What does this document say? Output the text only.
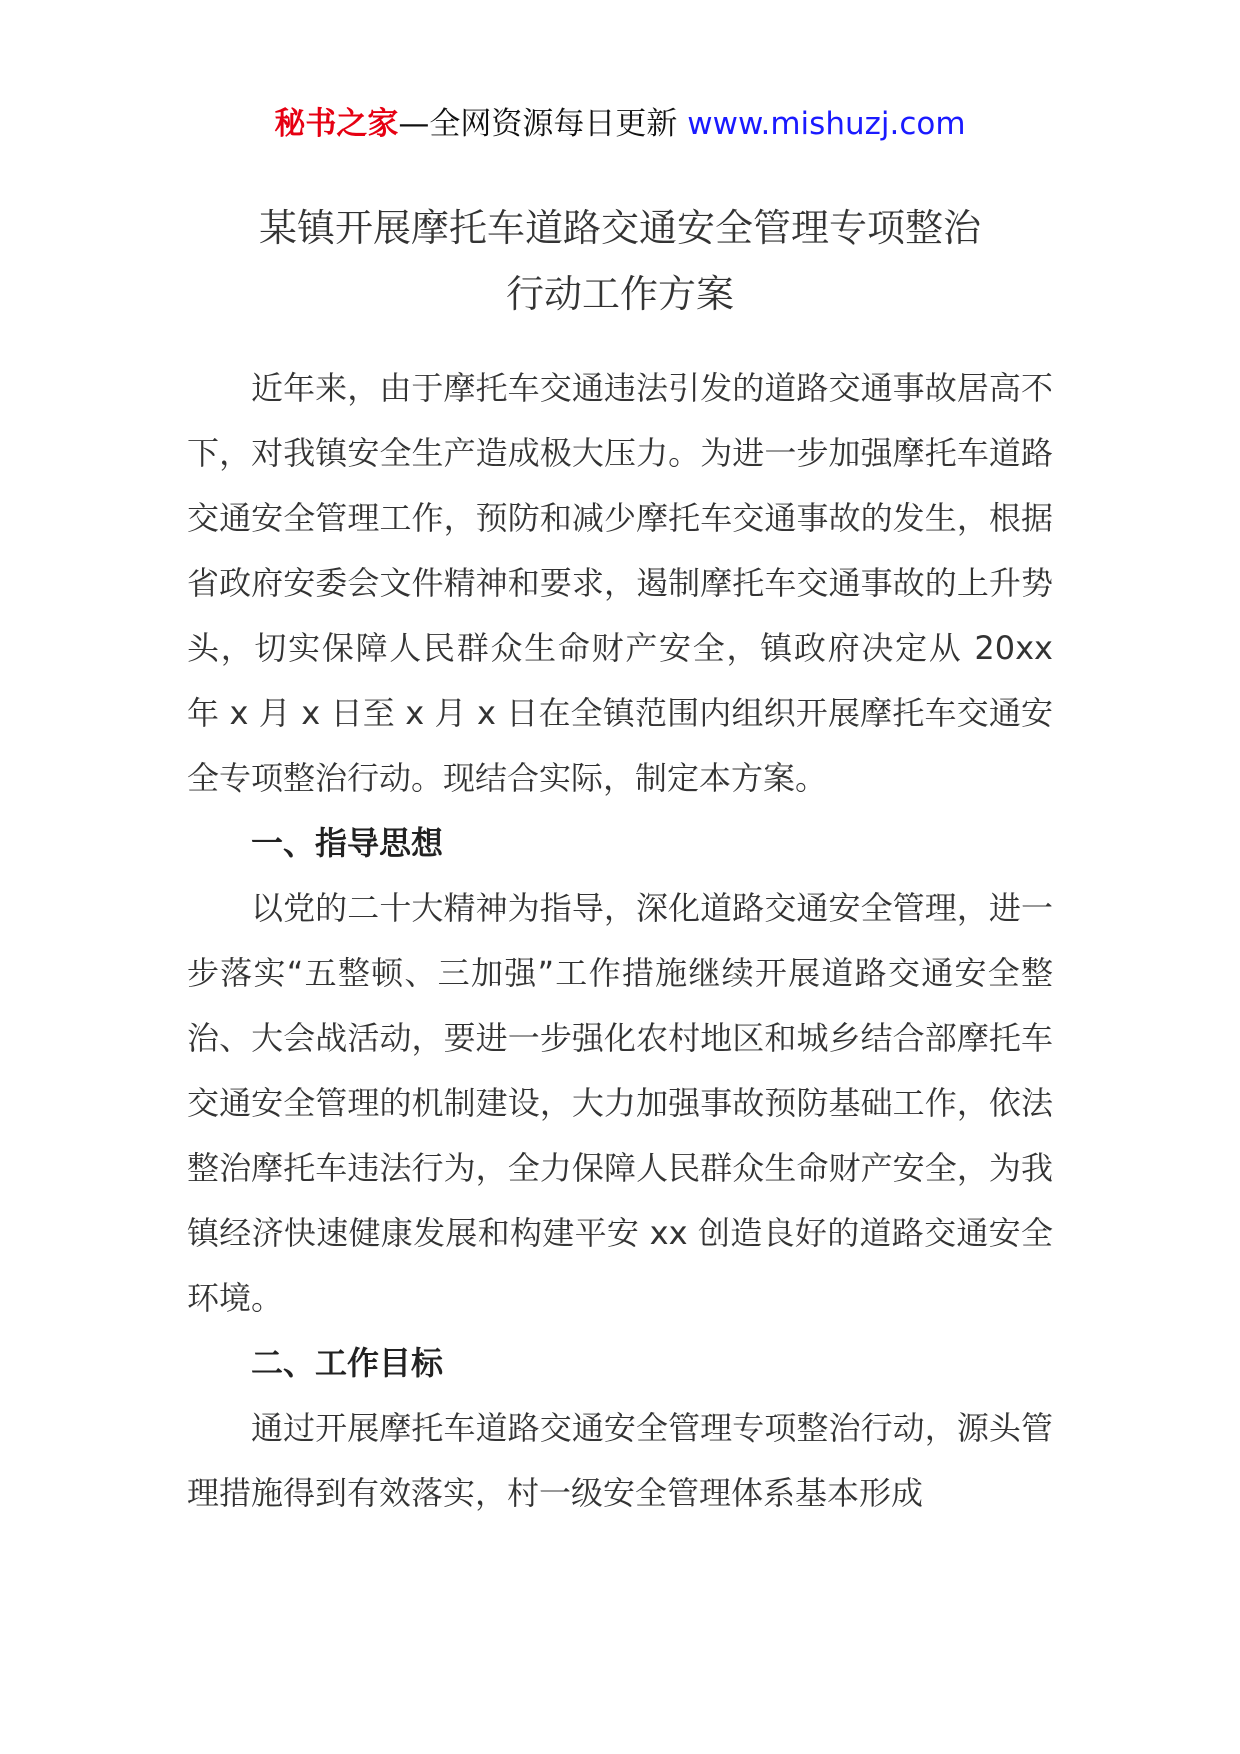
秘书之家—全网资源每日更新 www.mishuzj.com
某镇开展摩托车道路交通安全管理专项整治
行动工作方案

近年来，由于摩托车交通违法引发的道路交通事故居高不下，对我镇安全生产造成极大压力。为进一步加强摩托车道路交通安全管理工作，预防和减少摩托车交通事故的发生，根据省政府安委会文件精神和要求，遏制摩托车交通事故的上升势头，切实保障人民群众生命财产安全，镇政府决定从 20xx 年 x 月 x 日至 x 月 x 日在全镇范围内组织开展摩托车交通安全专项整治行动。现结合实际，制定本方案。

一、指导思想

以党的二十大精神为指导，深化道路交通安全管理，进一步落实“五整顿、三加强”工作措施继续开展道路交通安全整治、大会战活动，要进一步强化农村地区和城乡结合部摩托车交通安全管理的机制建设，大力加强事故预防基础工作，依法整治摩托车违法行为，全力保障人民群众生命财产安全，为我镇经济快速健康发展和构建平安 xx 创造良好的道路交通安全环境。

二、工作目标

通过开展摩托车道路交通安全管理专项整治行动，源头管理措施得到有效落实，村一级安全管理体系基本形成
